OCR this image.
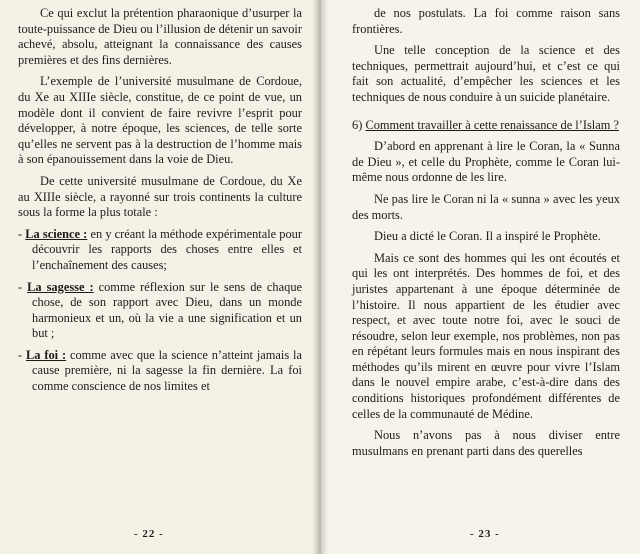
Ce qui exclut la prétention pharaonique d’usurper la toute-puissance de Dieu ou l’illusion de détenir un savoir achevé, absolu, atteignant la connaissance des causes premières et des fins dernières.

L’exemple de l’université musulmane de Cordoue, du Xe au XIIIe siècle, constitue, de ce point de vue, un modèle dont il convient de faire revivre l’esprit pour développer, à notre époque, les sciences, de telle sorte qu’elles ne servent pas à la destruction de l’homme mais à son épanouissement dans la voie de Dieu.

De cette université musulmane de Cordoue, du Xe au XIIIe siècle, a rayonné sur trois continents la culture sous la forme la plus totale :

- La science : en y créant la méthode expérimentale pour découvrir les rapports des choses entre elles et l’enchaînement des causes;
- La sagesse : comme réflexion sur le sens de chaque chose, de son rapport avec Dieu, dans un monde harmonieux et un, où la vie a une signification et un but ;
- La foi : comme avec que la science n’atteint jamais la cause première, ni la sagesse la fin dernière. La foi comme conscience de nos limites et
- 22 -

de nos postulats. La foi comme raison sans frontières.

Une telle conception de la science et des techniques, permettrait aujourd’hui, et c’est ce qui fait son actualité, d’empêcher les sciences et les techniques de nous conduire à un suicide planétaire.

6) Comment travailler à cette renaissance de l’Islam ?

D’abord en apprenant à lire le Coran, la « Sunna de Dieu », et celle du Prophète, comme le Coran lui-même nous ordonne de les lire.

Ne pas lire le Coran ni la « sunna » avec les yeux des morts.

Dieu a dicté le Coran. Il a inspiré le Prophète.

Mais ce sont des hommes qui les ont écoutés et qui les ont interprétés. Des hommes de foi, et des juristes appartenant à une époque déterminée de l’histoire. Il nous appartient de les étudier avec respect, et avec toute notre foi, avec le souci de résoudre, selon leur exemple, nos problèmes, non pas en répétant leurs formules mais en nous inspirant des méthodes qu’ils mirent en œuvre pour vivre l’Islam dans le nouvel empire arabe, c’est-à-dire dans des conditions historiques profondément différentes de celles de la communauté de Médine.

Nous n’avons pas à nous diviser entre musulmans en prenant parti dans des querelles

- 23 -
